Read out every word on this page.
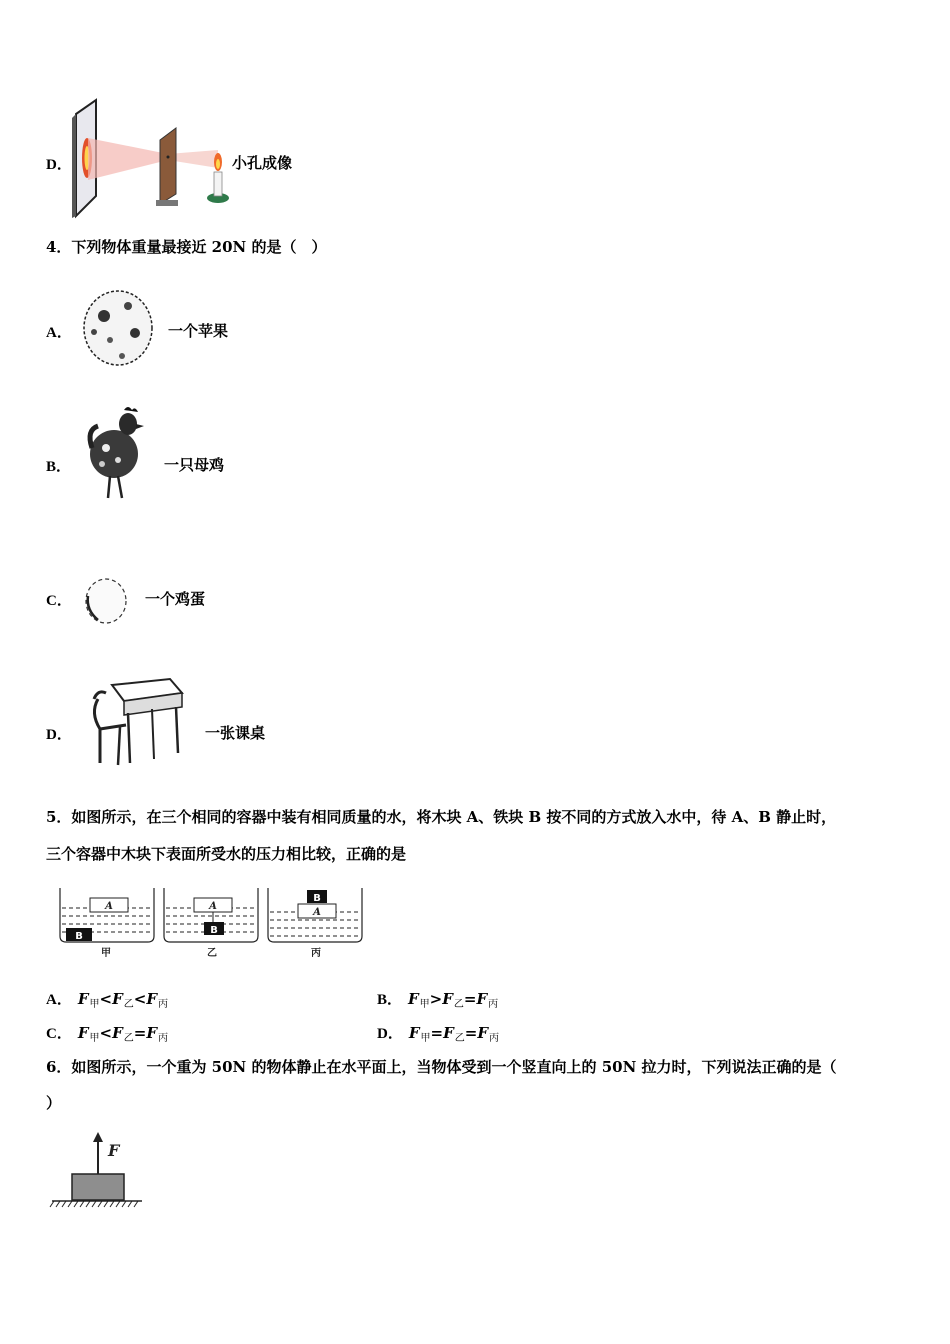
D．	小孔成像
4．下列物体重量最接近 20N 的是（　）
A．	一个苹果
B．	一只母鸡
C．	一个鸡蛋
D．	一张课桌
5．如图所示，在三个相同的容器中装有相同质量的水，将木块 A、铁块 B 按不同的方式放入水中，待 A、B 静止时，
三个容器中木块下表面所受水的压力相比较，正确的是
A
B
A
B
A
B
甲	乙	丙
A． $F_甲<F_乙<F_丙$	B． $F_甲>F_乙=F_丙$
C． $F_甲<F_乙=F_丙$	D． $F_甲=F_乙=F_丙$
6．如图所示，一个重为 50N 的物体静止在水平面上，当物体受到一个竖直向上的 50N 拉力时，下列说法正确的是（
）
F
